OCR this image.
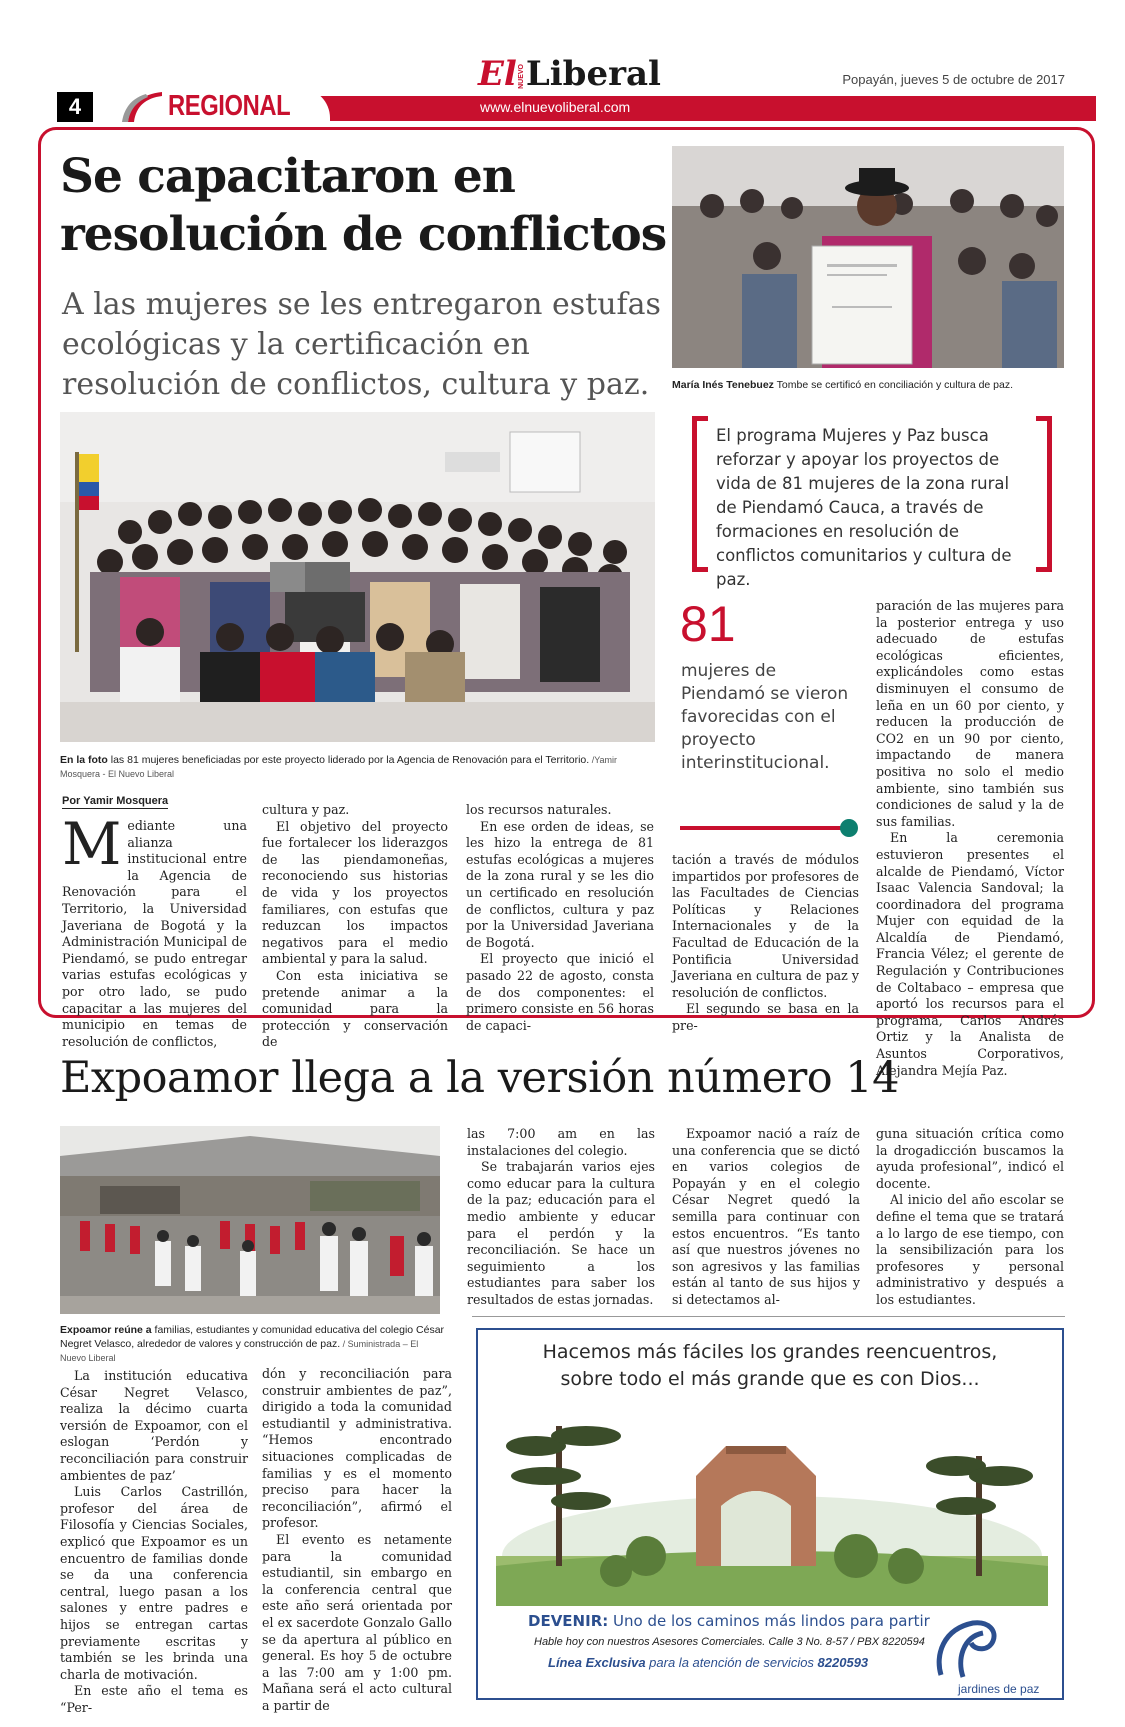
4	REGIONAL
ElNUEVOLiberal
www.elnuevoliberal.com
Popayán, jueves 5 de octubre de 2017
Se capacitaron en resolución de conflictos
A las mujeres se les entregaron estufas ecológicas y la certificación en resolución de conflictos, cultura y paz.	María Inés Tenebuez Tombe se certificó en conciliación y cultura de paz.
En la foto las 81 mujeres beneficiadas por este proyecto liderado por la Agencia de Renovación para el Territorio. /Yamir Mosquera - El Nuevo Liberal
Por Yamir Mosquera

Mediante una alianza institucional entre la Agencia de Renovación para el Territorio, la Universidad Javeriana de Bogotá y la Administración Municipal de Piendamó, se pudo entregar varias estufas ecológicas y por otro lado, se pudo capacitar a las mujeres del municipio en temas de resolución de conflictos,

cultura y paz.

El objetivo del proyecto fue fortalecer los liderazgos de las piendamoneñas, reconociendo sus historias de vida y los proyectos familiares, con estufas que reduzcan los impactos negativos para el medio ambiental y para la salud.

Con esta iniciativa se pretende animar a la comunidad para la protección y conservación de

los recursos naturales.

En ese orden de ideas, se les hizo la entrega de 81 estufas ecológicas a mujeres de la zona rural y se les dio un certificado en resolución de conflictos, cultura y paz por la Universidad Javeriana de Bogotá.

El proyecto que inició el pasado 22 de agosto, consta de dos componentes: el primero consiste en 56 horas de capaci-

El programa Mujeres y Paz busca reforzar y apoyar los proyectos de vida de 81 mujeres de la zona rural de Piendamó Cauca, a través de formaciones en resolución de conflictos comunitarios y cultura de paz.
81
mujeres de Piendamó se vieron favorecidas con el proyecto interinstitucional.

tación a través de módulos impartidos por profesores de las Facultades de Ciencias Políticas y Relaciones Internacionales y de la Facultad de Educación de la Pontificia Universidad Javeriana en cultura de paz y resolución de conflictos.

El segundo se basa en la pre-

paración de las mujeres para la posterior entrega y uso adecuado de estufas ecológicas eficientes, explicándoles como estas disminuyen el consumo de leña en un 60 por ciento, y reducen la producción de CO2 en un 90 por ciento, impactando de manera positiva no solo el medio ambiente, sino también sus condiciones de salud y la de sus familias.

En la ceremonia estuvieron presentes el alcalde de Piendamó, Víctor Isaac Valencia Sandoval; la coordinadora del programa Mujer con equidad de la Alcaldía de Piendamó, Francia Vélez; el gerente de Regulación y Contribuciones de Coltabaco – empresa que aportó los recursos para el programa, Carlos Andrés Ortiz y la Analista de Asuntos Corporativos, Alejandra Mejía Paz.

Expoamor llega a la versión número 14
Expoamor reúne a familias, estudiantes y comunidad educativa del colegio César Negret Velasco, alrededor de valores y construcción de paz. / Suministrada – El Nuevo Liberal

La institución educativa César Negret Velasco, realiza la décimo cuarta versión de Expoamor, con el eslogan ‘Perdón y reconciliación para construir ambientes de paz’

Luis Carlos Castrillón, profesor del área de Filosofía y Ciencias Sociales, explicó que Expoamor es un encuentro de familias donde se da una conferencia central, luego pasan a los salones y entre padres e hijos se entregan cartas previamente escritas y también se les brinda una charla de motivación.

En este año el tema es “Per-

dón y reconciliación para construir ambientes de paz”, dirigido a toda la comunidad estudiantil y administrativa. “Hemos encontrado situaciones complicadas de familias y es el momento preciso para hacer la reconciliación”, afirmó el profesor.

El evento es netamente para la comunidad estudiantil, sin embargo en la conferencia central que este año será orientada por el ex sacerdote Gonzalo Gallo se da apertura al público en general. Es hoy 5 de octubre a las 7:00 am y 1:00 pm. Mañana será el acto cultural a partir de

las 7:00 am en las instalaciones del colegio.

Se trabajarán varios ejes como educar para la cultura de la paz; educación para el medio ambiente y educar para el perdón y la reconciliación. Se hace un seguimiento a los estudiantes para saber los resultados de estas jornadas.

Expoamor nació a raíz de una conferencia que se dictó en varios colegios de Popayán y en el colegio César Negret quedó la semilla para continuar con estos encuentros. “Es tanto así que nuestros jóvenes no son agresivos y las familias están al tanto de sus hijos y si detectamos al-

guna situación crítica como la drogadicción buscamos la ayuda profesional”, indicó el docente.

Al inicio del año escolar se define el tema que se tratará a lo largo de ese tiempo, con la sensibilización para los profesores y personal administrativo y después a los estudiantes.

Hacemos más fáciles los grandes reencuentros,
sobre todo el más grande que es con Dios...
DEVENIR: Uno de los caminos más lindos para partir
Hable hoy con nuestros Asesores Comerciales. Calle 3 No. 8-57 / PBX 8220594
Línea Exclusiva para la atención de servicios 8220593
jardines de paz
